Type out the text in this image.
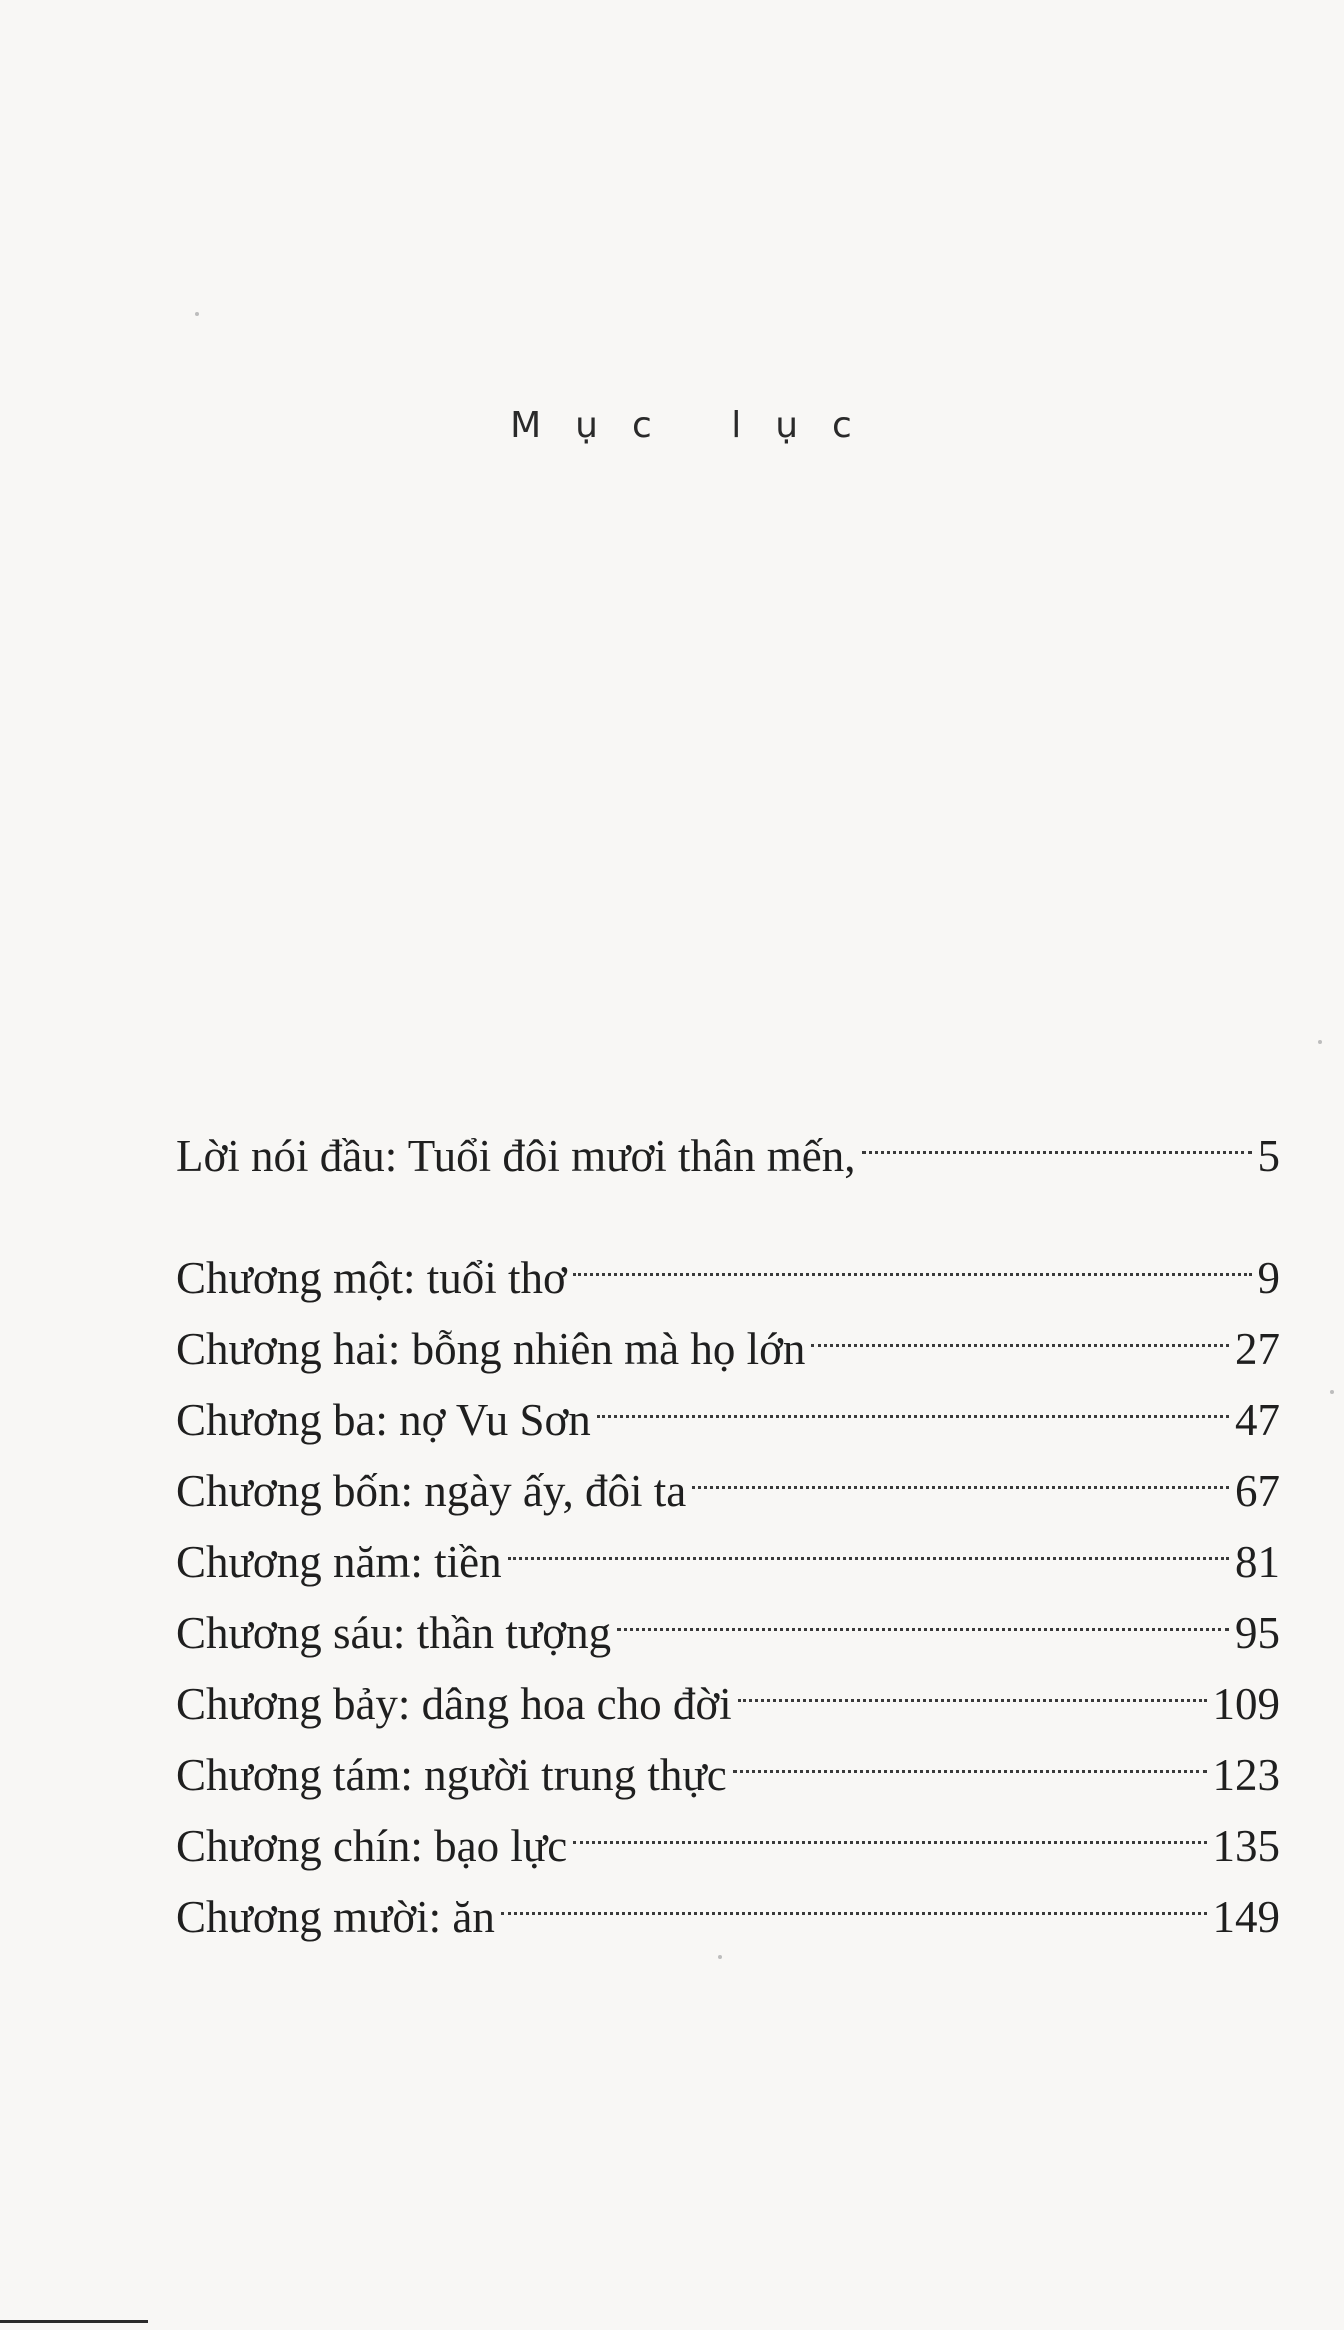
Mục lục
Lời nói đầu: Tuổi đôi mươi thân mến,	5
Chương một: tuổi thơ	9
Chương hai: bỗng nhiên mà họ lớn	27
Chương ba: nợ Vu Sơn	47
Chương bốn: ngày ấy, đôi ta	67
Chương năm: tiền	81
Chương sáu: thần tượng	95
Chương bảy: dâng hoa cho đời	109
Chương tám: người trung thực	123
Chương chín: bạo lực	135
Chương mười: ăn	149
